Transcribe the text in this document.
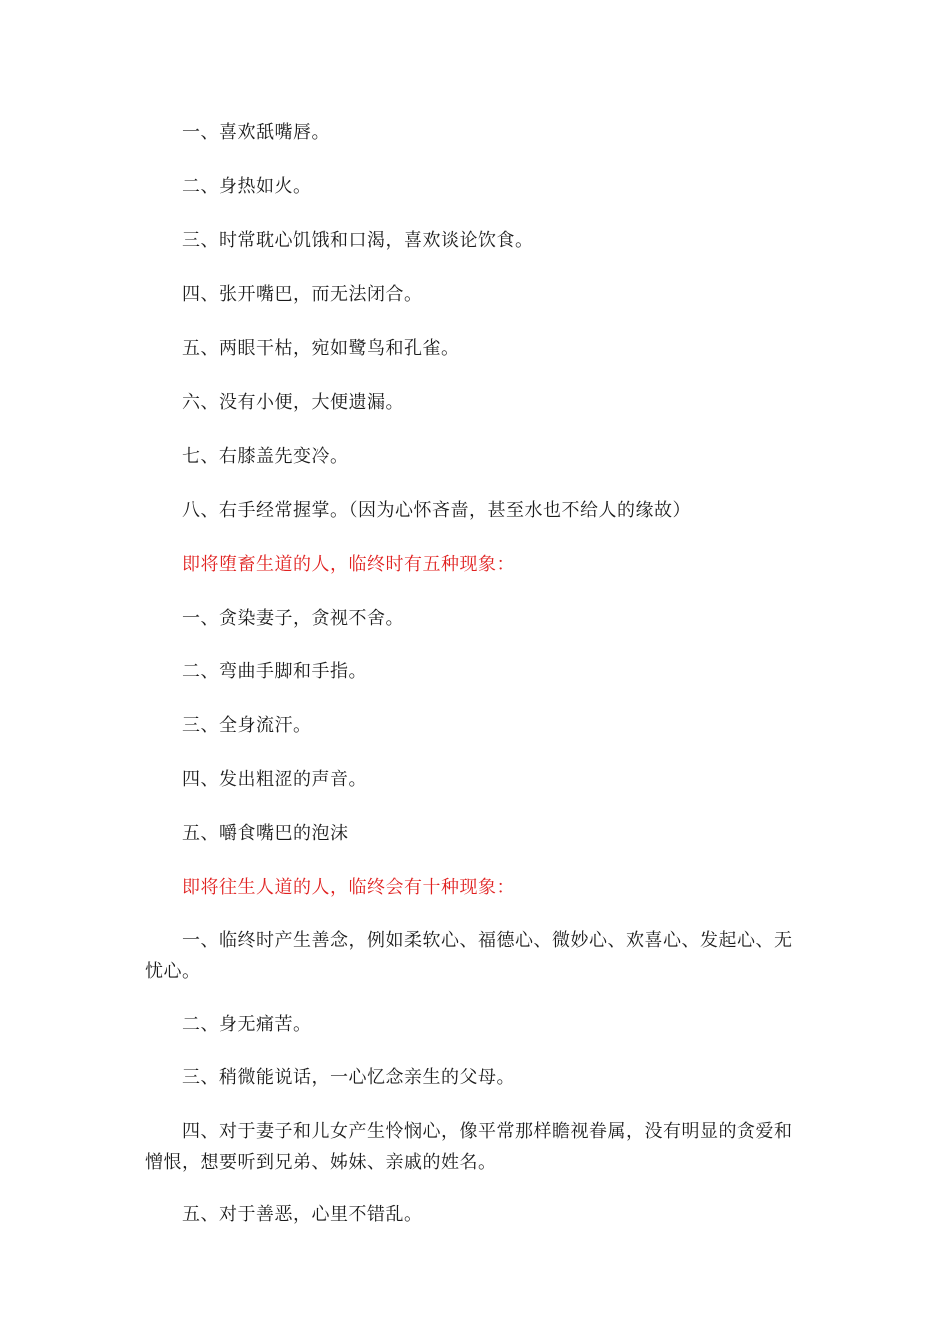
一、喜欢舐嘴唇。

二、身热如火。

三、时常耽心饥饿和口渴，喜欢谈论饮食。

四、张开嘴巴，而无法闭合。

五、两眼干枯，宛如鹭鸟和孔雀。

六、没有小便，大便遗漏。

七、右膝盖先变冷。

八、右手经常握掌。（因为心怀吝啬，甚至水也不给人的缘故）

即将堕畜生道的人，临终时有五种现象：

一、贪染妻子，贪视不舍。

二、弯曲手脚和手指。

三、全身流汗。

四、发出粗涩的声音。

五、嚼食嘴巴的泡沫

即将往生人道的人，临终会有十种现象：

一、临终时产生善念，例如柔软心、福德心、微妙心、欢喜心、发起心、无忧心。

二、身无痛苦。

三、稍微能说话，一心忆念亲生的父母。

四、对于妻子和儿女产生怜悯心，像平常那样瞻视眷属，没有明显的贪爱和憎恨，想要听到兄弟、姊妹、亲戚的姓名。

五、对于善恶，心里不错乱。
